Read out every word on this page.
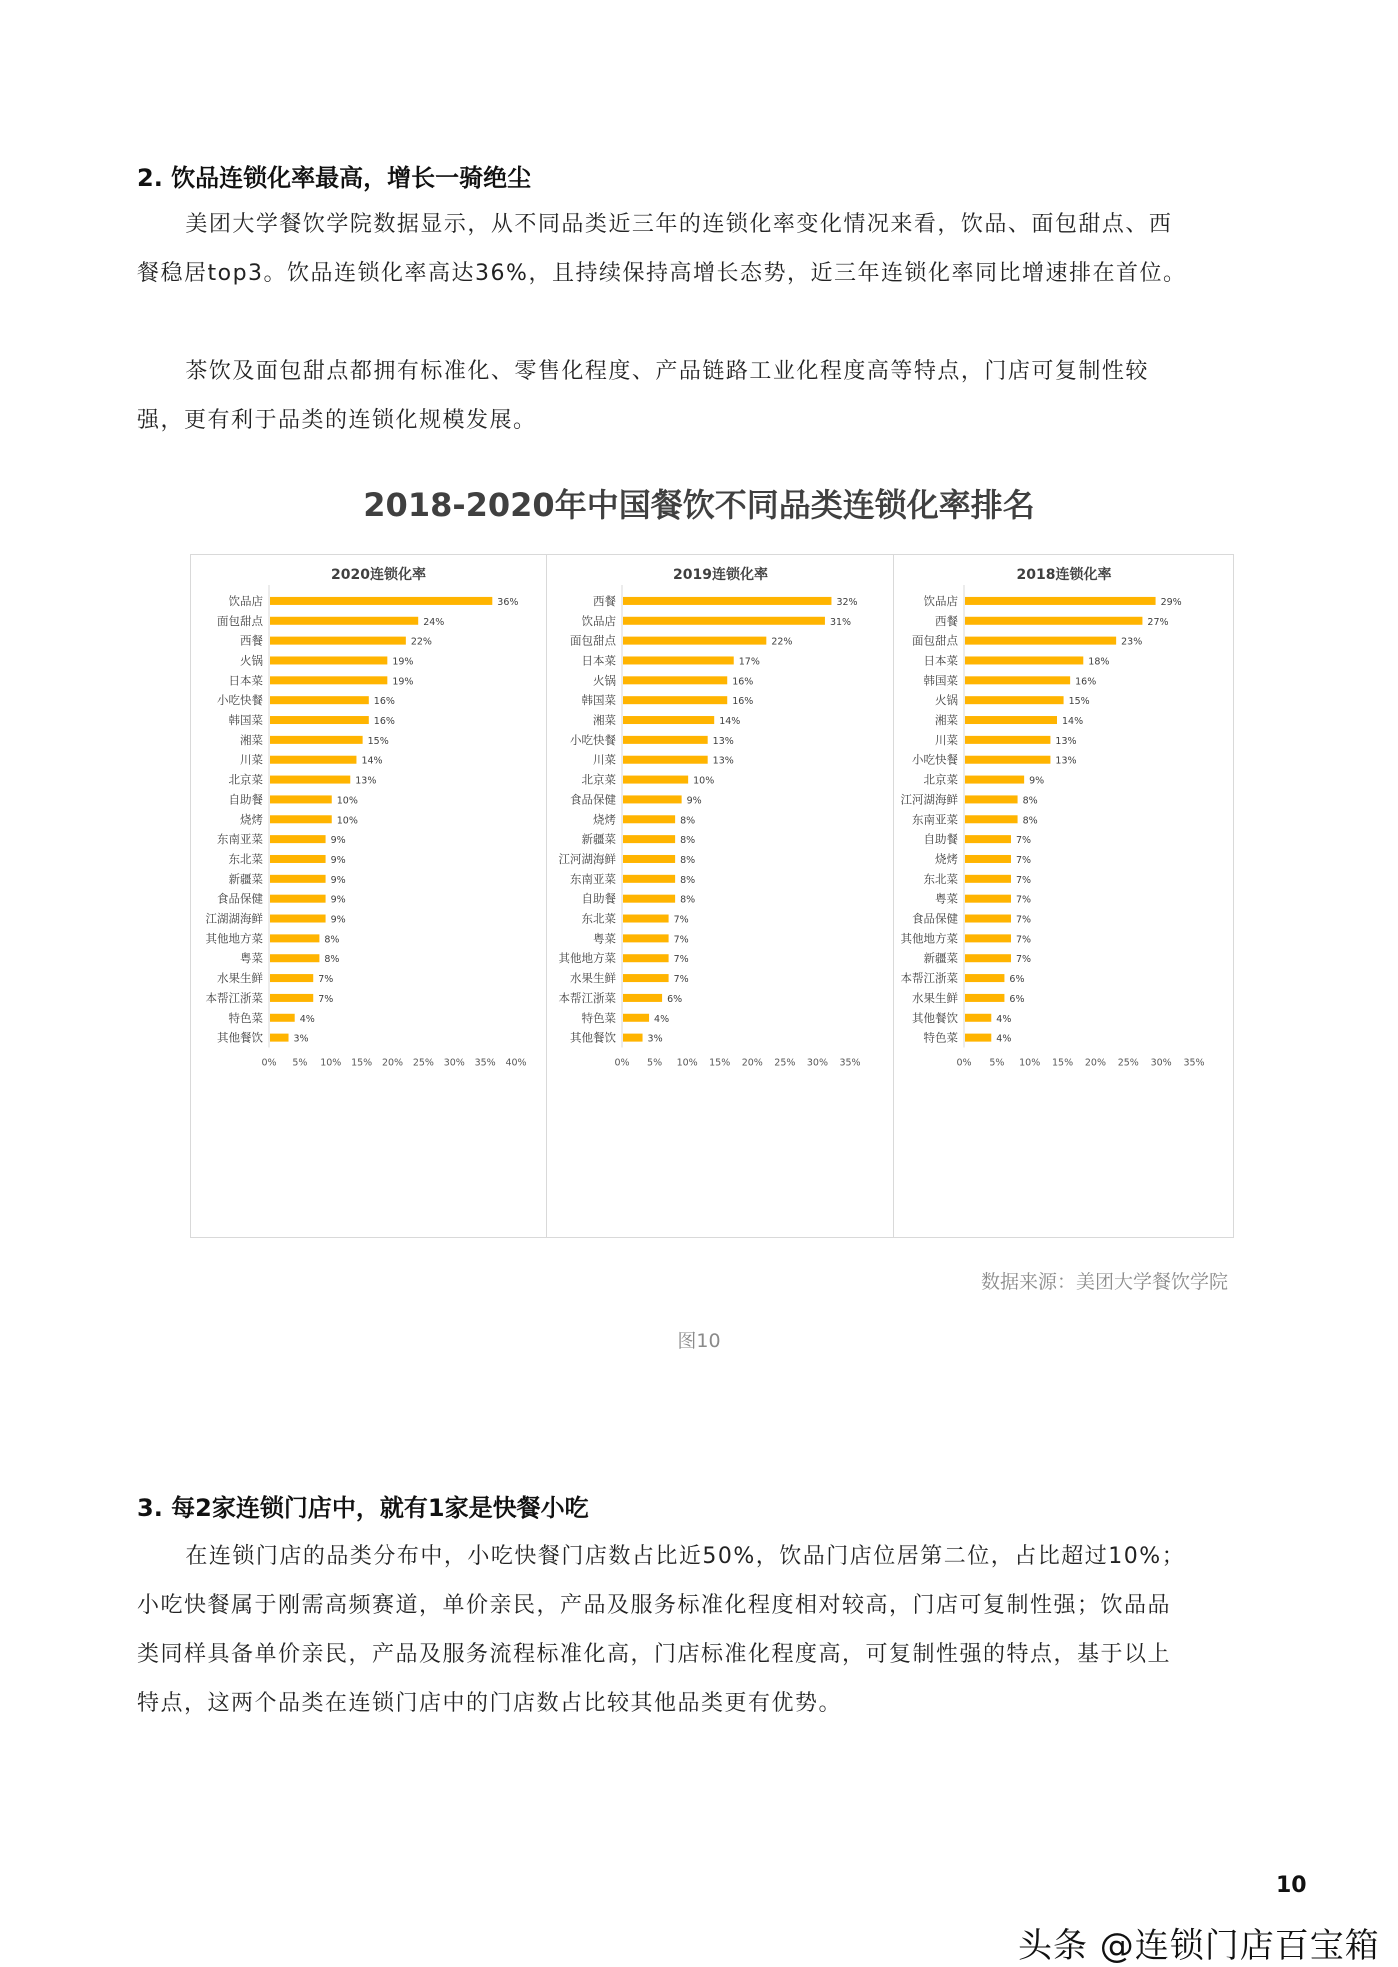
2. 饮品连锁化率最高，增长一骑绝尘

美团大学餐饮学院数据显示，从不同品类近三年的连锁化率变化情况来看，饮品、面包甜点、西餐稳居top3。饮品连锁化率高达36%，且持续保持高增长态势，近三年连锁化率同比增速排在首位。

茶饮及面包甜点都拥有标准化、零售化程度、产品链路工业化程度高等特点，门店可复制性较强，更有利于品类的连锁化规模发展。

2018-2020年中国餐饮不同品类连锁化率排名
2020连锁化率
饮品店	36%
面包甜点	24%
西餐	22%
火锅	19%
日本菜	19%
小吃快餐	16%
韩国菜	16%
湘菜	15%
川菜	14%
北京菜	13%
自助餐	10%
烧烤	10%
东南亚菜	9%
东北菜	9%
新疆菜	9%
食品保健	9%
江湖湖海鲜	9%
其他地方菜	8%
粤菜	8%
水果生鲜	7%
本帮江浙菜	7%
特色菜	4%
其他餐饮	3%
0% 5% 10% 15% 20% 25% 30% 35% 40%
2019连锁化率
西餐	32%
饮品店	31%
面包甜点	22%
日本菜	17%
火锅	16%
韩国菜	16%
湘菜	14%
小吃快餐	13%
川菜	13%
北京菜	10%
食品保健	9%
烧烤	8%
新疆菜	8%
江河湖海鲜	8%
东南亚菜	8%
自助餐	8%
东北菜	7%
粤菜	7%
其他地方菜	7%
水果生鲜	7%
本帮江浙菜	6%
特色菜	4%
其他餐饮	3%
0% 5% 10% 15% 20% 25% 30% 35%
2018连锁化率
饮品店	29%
西餐	27%
面包甜点	23%
日本菜	18%
韩国菜	16%
火锅	15%
湘菜	14%
川菜	13%
小吃快餐	13%
北京菜	9%
江河湖海鲜	8%
东南亚菜	8%
自助餐	7%
烧烤	7%
东北菜	7%
粤菜	7%
食品保健	7%
其他地方菜	7%
新疆菜	7%
本帮江浙菜	6%
水果生鲜	6%
其他餐饮	4%
特色菜	4%
0% 5% 10% 15% 20% 25% 30% 35%
数据来源：美团大学餐饮学院
图10
3. 每2家连锁门店中，就有1家是快餐小吃

在连锁门店的品类分布中，小吃快餐门店数占比近50%，饮品门店位居第二位，占比超过10%；小吃快餐属于刚需高频赛道，单价亲民，产品及服务标准化程度相对较高，门店可复制性强；饮品品类同样具备单价亲民，产品及服务流程标准化高，门店标准化程度高，可复制性强的特点，基于以上特点，这两个品类在连锁门店中的门店数占比较其他品类更有优势。

10
头条 @连锁门店百宝箱
